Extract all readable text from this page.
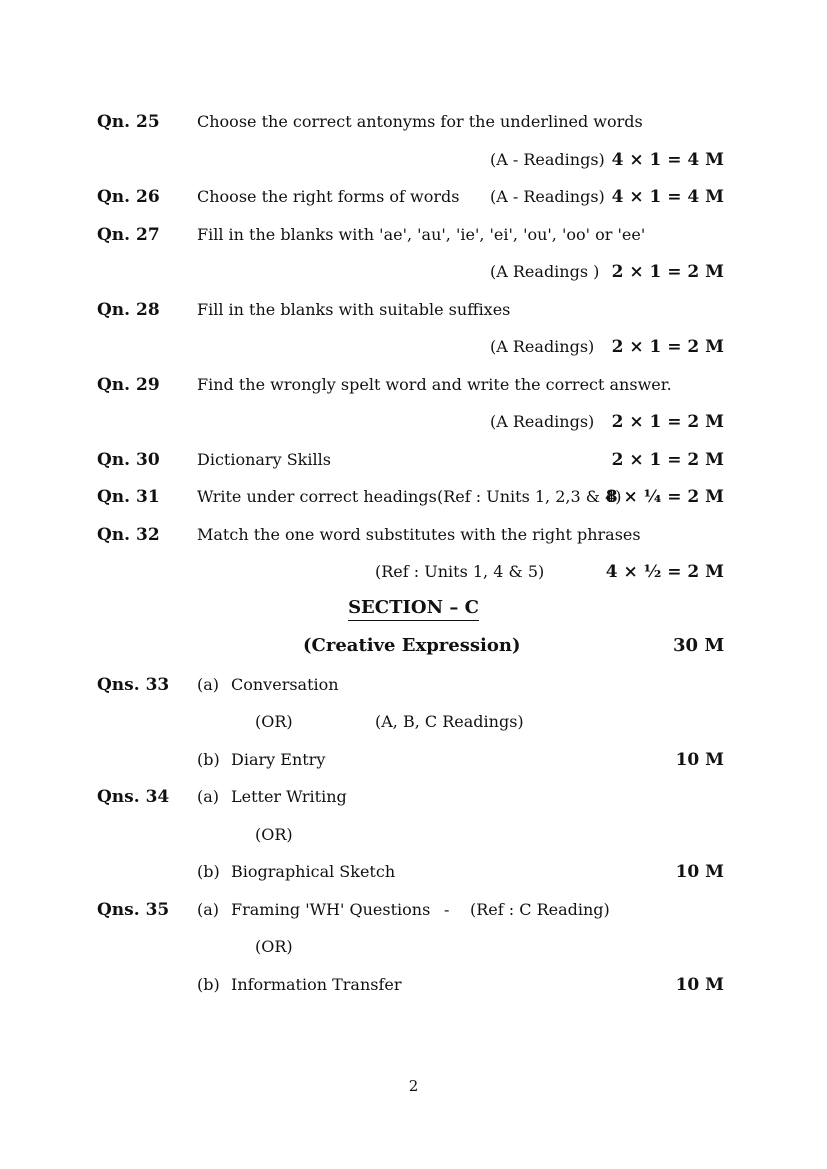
Qn. 25 Choose the correct antonyms for the underlined words
(A - Readings) 4 × 1 = 4 M
Qn. 26 Choose the right forms of words (A - Readings) 4 × 1 = 4 M
Qn. 27 Fill in the blanks with 'ae', 'au', 'ie', 'ei', 'ou', 'oo' or 'ee'
(A Readings ) 2 × 1 = 2 M
Qn. 28 Fill in the blanks with suitable suffixes
(A Readings) 2 × 1 = 2 M
Qn. 29 Find the wrongly spelt word and write the correct answer.
(A Readings) 2 × 1 = 2 M
Qn. 30 Dictionary Skills	2 × 1 = 2 M
Qn. 31 Write under correct headings (Ref : Units 1, 2,3 & 4)
8 × ¼ = 2 M
Qn. 32 Match the one word substitutes with the right phrases
(Ref : Units 1, 4 & 5)	4 × ½ = 2 M
SECTION – C
(Creative Expression)	30 M
Qns. 33 (a) Conversation
(OR)	(A, B, C Readings)
(b) Diary Entry	10 M
Qns. 34 (a) Letter Writing
(OR)
(b) Biographical Sketch	10 M
Qns. 35 (a) Framing 'WH' Questions - (Ref : C Reading)
(OR)
(b) Information Transfer	10 M
2
